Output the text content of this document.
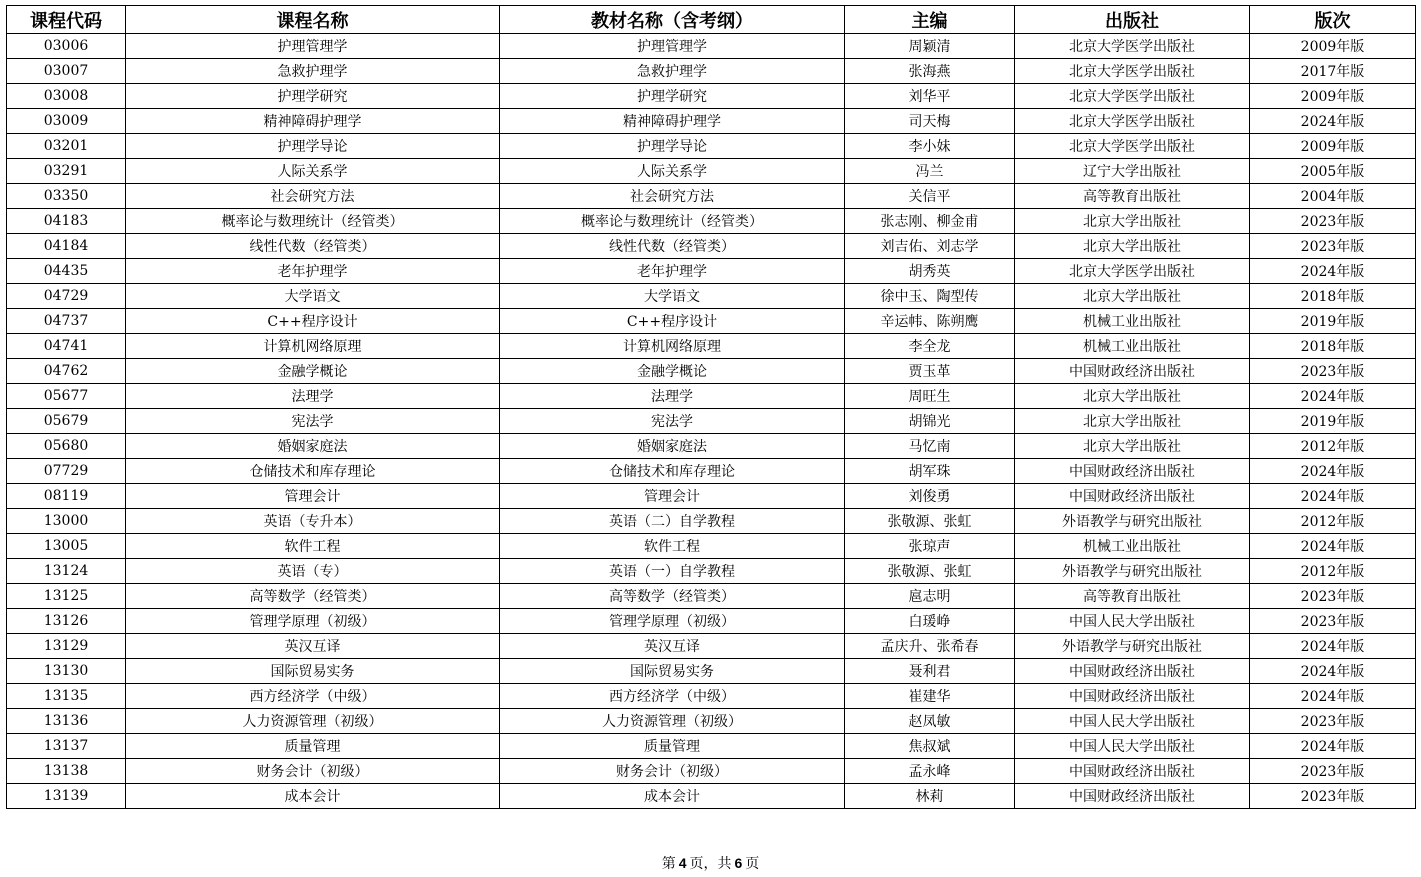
课程代码	课程名称	教材名称（含考纲）	主编	出版社	版次
03006	护理管理学	护理管理学	周颖清	北京大学医学出版社	2009年版
03007	急救护理学	急救护理学	张海燕	北京大学医学出版社	2017年版
03008	护理学研究	护理学研究	刘华平	北京大学医学出版社	2009年版
03009	精神障碍护理学	精神障碍护理学	司天梅	北京大学医学出版社	2024年版
03201	护理学导论	护理学导论	李小妹	北京大学医学出版社	2009年版
03291	人际关系学	人际关系学	冯兰	辽宁大学出版社	2005年版
03350	社会研究方法	社会研究方法	关信平	高等教育出版社	2004年版
04183	概率论与数理统计（经管类）	概率论与数理统计（经管类）	张志刚、柳金甫	北京大学出版社	2023年版
04184	线性代数（经管类）	线性代数（经管类）	刘吉佑、刘志学	北京大学出版社	2023年版
04435	老年护理学	老年护理学	胡秀英	北京大学医学出版社	2024年版
04729	大学语文	大学语文	徐中玉、陶型传	北京大学出版社	2018年版
04737	C++程序设计	C++程序设计	辛运帏、陈朔鹰	机械工业出版社	2019年版
04741	计算机网络原理	计算机网络原理	李全龙	机械工业出版社	2018年版
04762	金融学概论	金融学概论	贾玉革	中国财政经济出版社	2023年版
05677	法理学	法理学	周旺生	北京大学出版社	2024年版
05679	宪法学	宪法学	胡锦光	北京大学出版社	2019年版
05680	婚姻家庭法	婚姻家庭法	马忆南	北京大学出版社	2012年版
07729	仓储技术和库存理论	仓储技术和库存理论	胡军珠	中国财政经济出版社	2024年版
08119	管理会计	管理会计	刘俊勇	中国财政经济出版社	2024年版
13000	英语（专升本）	英语（二）自学教程	张敬源、张虹	外语教学与研究出版社	2012年版
13005	软件工程	软件工程	张琼声	机械工业出版社	2024年版
13124	英语（专）	英语（一）自学教程	张敬源、张虹	外语教学与研究出版社	2012年版
13125	高等数学（经管类）	高等数学（经管类）	扈志明	高等教育出版社	2023年版
13126	管理学原理（初级）	管理学原理（初级）	白瑗峥	中国人民大学出版社	2023年版
13129	英汉互译	英汉互译	孟庆升、张希春	外语教学与研究出版社	2024年版
13130	国际贸易实务	国际贸易实务	聂利君	中国财政经济出版社	2024年版
13135	西方经济学（中级）	西方经济学（中级）	崔建华	中国财政经济出版社	2024年版
13136	人力资源管理（初级）	人力资源管理（初级）	赵凤敏	中国人民大学出版社	2023年版
13137	质量管理	质量管理	焦叔斌	中国人民大学出版社	2024年版
13138	财务会计（初级）	财务会计（初级）	孟永峰	中国财政经济出版社	2023年版
13139	成本会计	成本会计	林莉	中国财政经济出版社	2023年版
第 4 页，共 6 页
